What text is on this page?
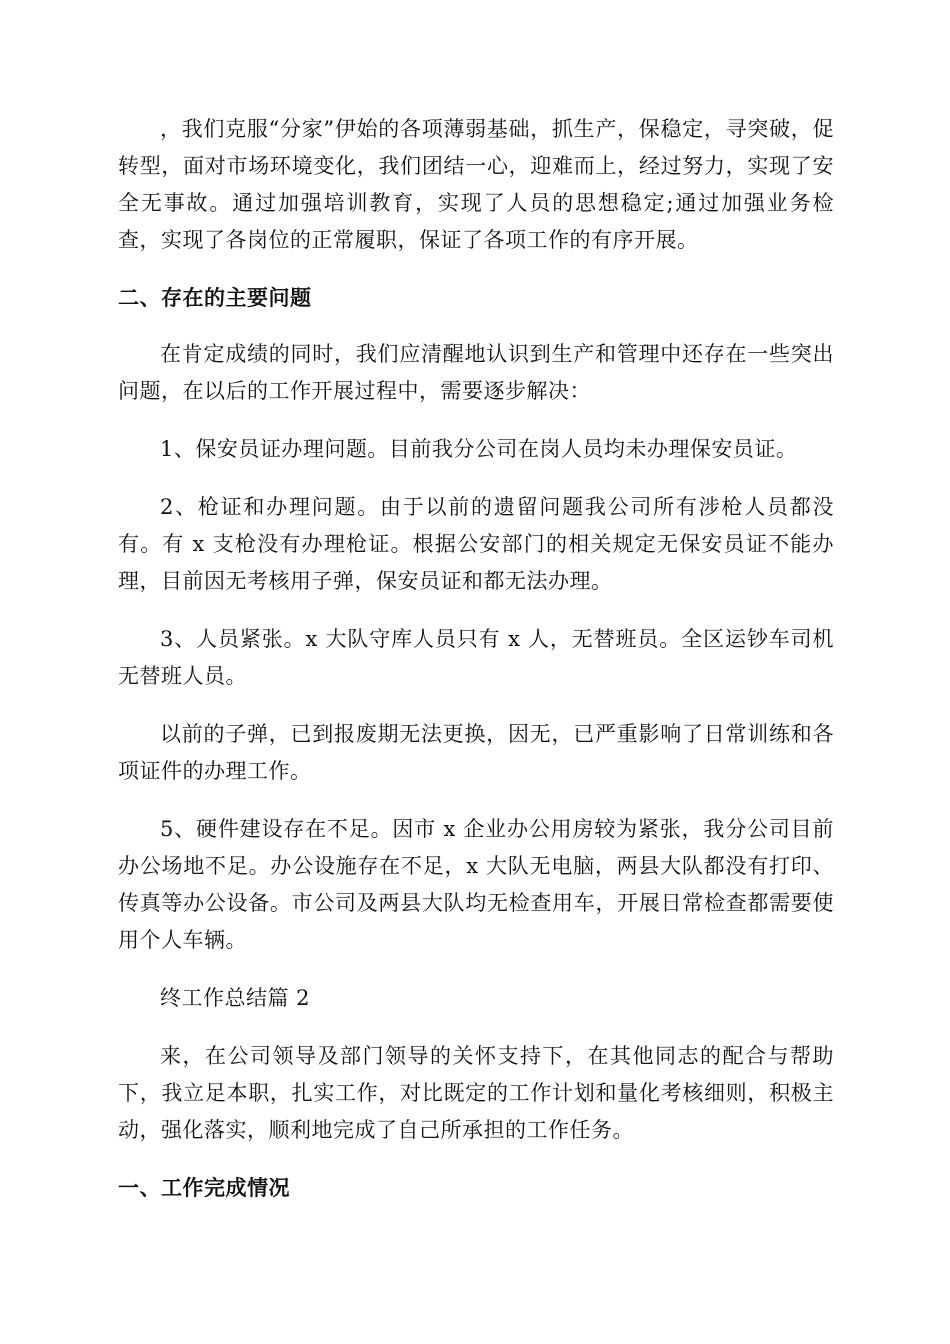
，我们克服“分家”伊始的各项薄弱基础，抓生产，保稳定，寻突破，促转型，面对市场环境变化，我们团结一心，迎难而上，经过努力，实现了安全无事故。通过加强培训教育，实现了人员的思想稳定;通过加强业务检查，实现了各岗位的正常履职，保证了各项工作的有序开展。

二、存在的主要问题

在肯定成绩的同时，我们应清醒地认识到生产和管理中还存在一些突出问题，在以后的工作开展过程中，需要逐步解决：

1、保安员证办理问题。目前我分公司在岗人员均未办理保安员证。

2、枪证和办理问题。由于以前的遗留问题我公司所有涉枪人员都没有。有 x 支枪没有办理枪证。根据公安部门的相关规定无保安员证不能办理，目前因无考核用子弹，保安员证和都无法办理。

3、人员紧张。x 大队守库人员只有 x 人，无替班员。全区运钞车司机无替班人员。

以前的子弹，已到报废期无法更换，因无，已严重影响了日常训练和各项证件的办理工作。

5、硬件建设存在不足。因市 x 企业办公用房较为紧张，我分公司目前办公场地不足。办公设施存在不足，x 大队无电脑，两县大队都没有打印、传真等办公设备。市公司及两县大队均无检查用车，开展日常检查都需要使用个人车辆。

终工作总结篇 2

来，在公司领导及部门领导的关怀支持下，在其他同志的配合与帮助下，我立足本职，扎实工作，对比既定的工作计划和量化考核细则，积极主动，强化落实，顺利地完成了自己所承担的工作任务。

一、工作完成情况
